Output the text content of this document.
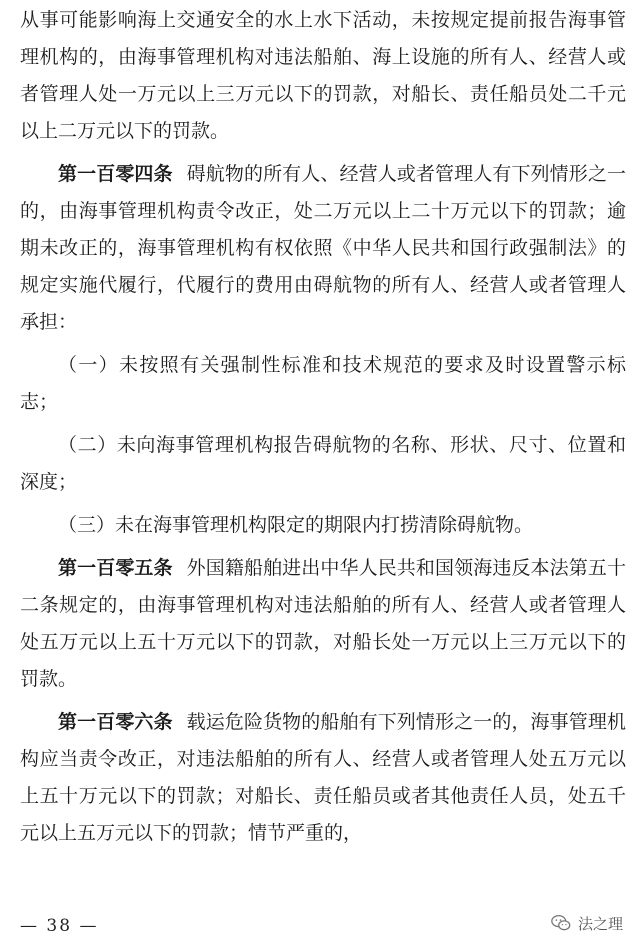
从事可能影响海上交通安全的水上水下活动，未按规定提前报告海事管理机构的，由海事管理机构对违法船舶、海上设施的所有人、经营人或者管理人处一万元以上三万元以下的罚款，对船长、责任船员处二千元以上二万元以下的罚款。

第一百零四条 碍航物的所有人、经营人或者管理人有下列情形之一的，由海事管理机构责令改正，处二万元以上二十万元以下的罚款；逾期未改正的，海事管理机构有权依照《中华人民共和国行政强制法》的规定实施代履行，代履行的费用由碍航物的所有人、经营人或者管理人承担：

（一）未按照有关强制性标准和技术规范的要求及时设置警示标志；

（二）未向海事管理机构报告碍航物的名称、形状、尺寸、位置和深度；

（三）未在海事管理机构限定的期限内打捞清除碍航物。

第一百零五条 外国籍船舶进出中华人民共和国领海违反本法第五十二条规定的，由海事管理机构对违法船舶的所有人、经营人或者管理人处五万元以上五十万元以下的罚款，对船长处一万元以上三万元以下的罚款。

第一百零六条 载运危险货物的船舶有下列情形之一的，海事管理机构应当责令改正，对违法船舶的所有人、经营人或者管理人处五万元以上五十万元以下的罚款；对船长、责任船员或者其他责任人员，处五千元以上五万元以下的罚款；情节严重的，

— 38 —	法之理
